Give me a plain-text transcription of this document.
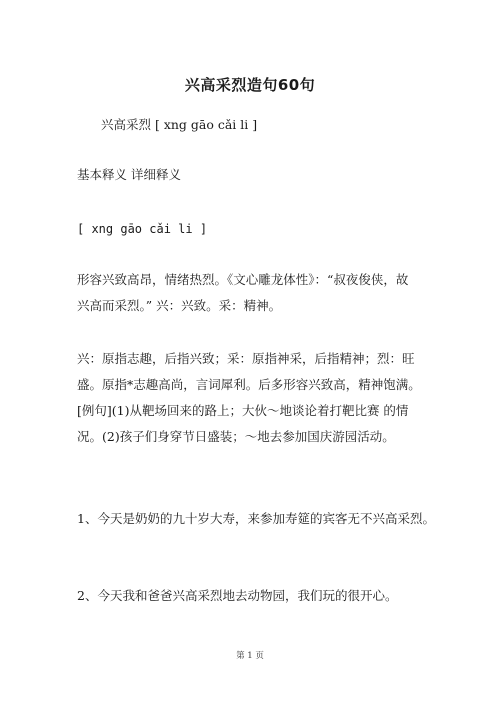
兴高采烈造句60句
兴高采烈 [ xng gāo cǎi li ]
基本释义 详细释义
[ xng gāo cǎi li ]
形容兴致高昂，情绪热烈。《文心雕龙体性》：“叔夜俊侠，故
兴高而采烈。” 兴：兴致。采：精神。
兴：原指志趣，后指兴致；采：原指神采，后指精神；烈：旺
盛。原指*志趣高尚，言词犀利。后多形容兴致高，精神饱满。
[例句](1)从靶场回来的路上；大伙～地谈论着打靶比赛 的情
况。(2)孩子们身穿节日盛装；～地去参加国庆游园活动。
1、今天是奶奶的九十岁大寿，来参加寿筵的宾客无不兴高采烈。
2、今天我和爸爸兴高采烈地去动物园，我们玩的很开心。
第 1 页
